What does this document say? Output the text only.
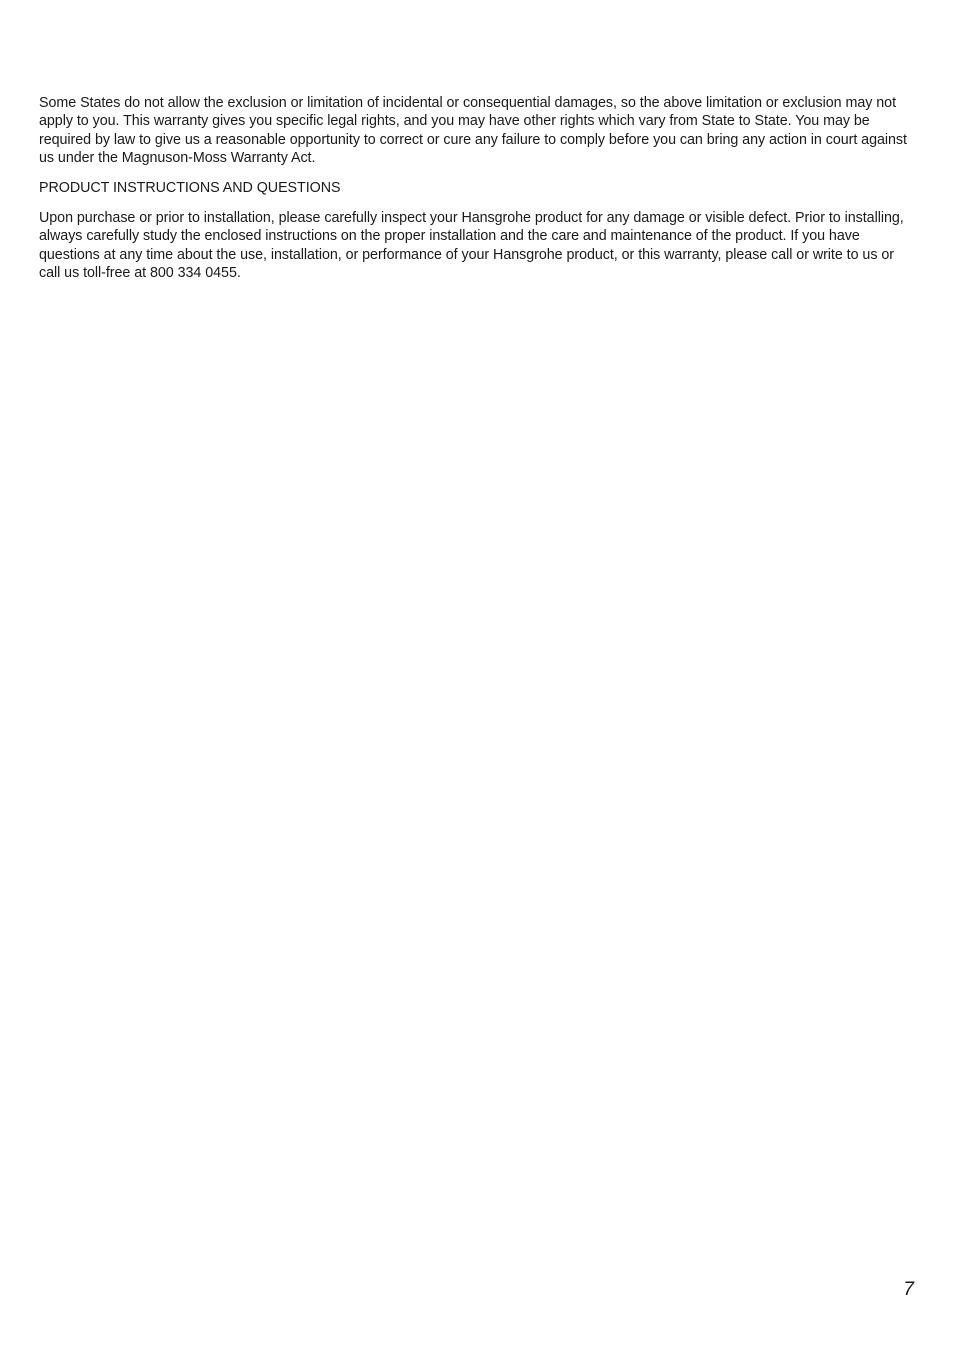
Some States do not allow the exclusion or limitation of incidental or consequential damages, so the above limitation or exclusion may not apply to you. This warranty gives you specific legal rights, and you may have other rights which vary from State to State. You may be required by law to give us a reasonable opportunity to correct or cure any failure to comply before you can bring any action in court against us under the Magnuson-Moss Warranty Act.

PRODUCT INSTRUCTIONS AND QUESTIONS

Upon purchase or prior to installation, please carefully inspect your Hansgrohe product for any damage or visible defect. Prior to installing, always carefully study the enclosed instructions on the proper installation and the care and maintenance of the product. If you have questions at any time about the use, installation, or performance of your Hansgrohe product, or this warranty, please call or write to us or call us toll-free at 800 334 0455.

7
